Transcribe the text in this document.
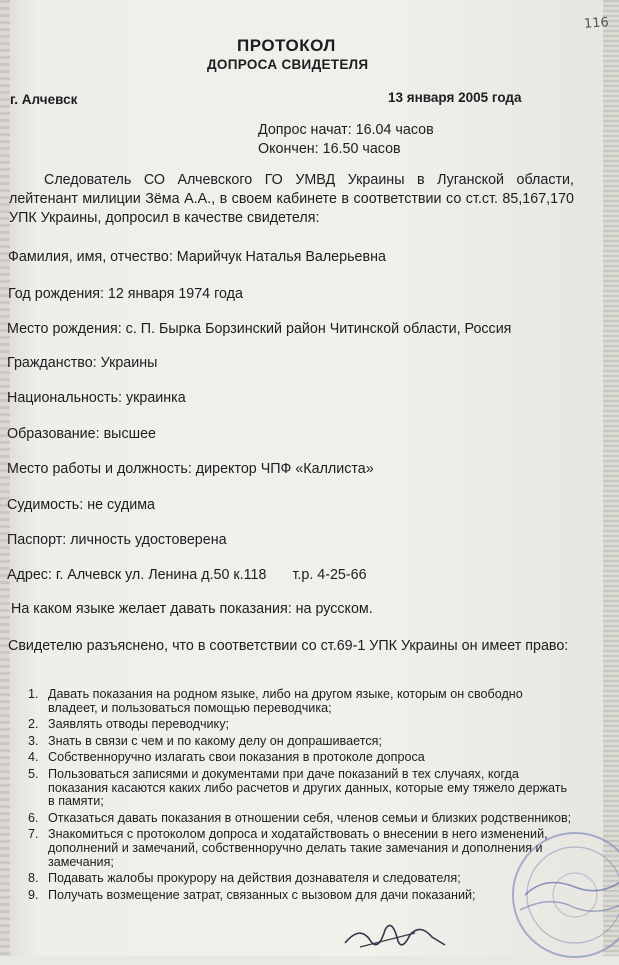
116
ПРОТОКОЛ
ДОПРОСА СВИДЕТЕЛЯ
г. Алчевск	13 января 2005 года
Допрос начат: 16.04 часов
Окончен: 16.50 часов
Следователь СО Алчевского ГО УМВД Украины в Луганской области, лейтенант милиции Зёма А.А., в своем кабинете в соответствии со ст.ст. 85,167,170 УПК Украины, допросил в качестве свидетеля:
Фамилия, имя, отчество: Марийчук Наталья Валерьевна
Год рождения: 12 января 1974 года
Место рождения: с. П. Бырка Борзинский район Читинской области, Россия
Гражданство: Украины
Национальность: украинка
Образование: высшее
Место работы и должность: директор ЧПФ «Каллиста»
Судимость: не судима
Паспорт: личность удостоверена
Адрес: г. Алчевск ул. Ленина д.50 к.118 т.р. 4-25-66
На каком языке желает давать показания: на русском.
Свидетелю разъяснено, что в соответствии со ст.69-1 УПК Украины он имеет право:
1. Давать показания на родном языке, либо на другом языке, которым он свободно владеет, и пользоваться помощью переводчика;
2. Заявлять отводы переводчику;
3. Знать в связи с чем и по какому делу он допрашивается;
4. Собственноручно излагать свои показания в протоколе допроса
5. Пользоваться записями и документами при даче показаний в тех случаях, когда показания касаются каких либо расчетов и других данных, которые ему тяжело держать в памяти;
6. Отказаться давать показания в отношении себя, членов семьи и близких родственников;
7. Знакомиться с протоколом допроса и ходатайствовать о внесении в него изменений, дополнений и замечаний, собственноручно делать такие замечания и дополнения и замечания;
8. Подавать жалобы прокурору на действия дознавателя и следователя;
9. Получать возмещение затрат, связанных с вызовом для дачи показаний;
